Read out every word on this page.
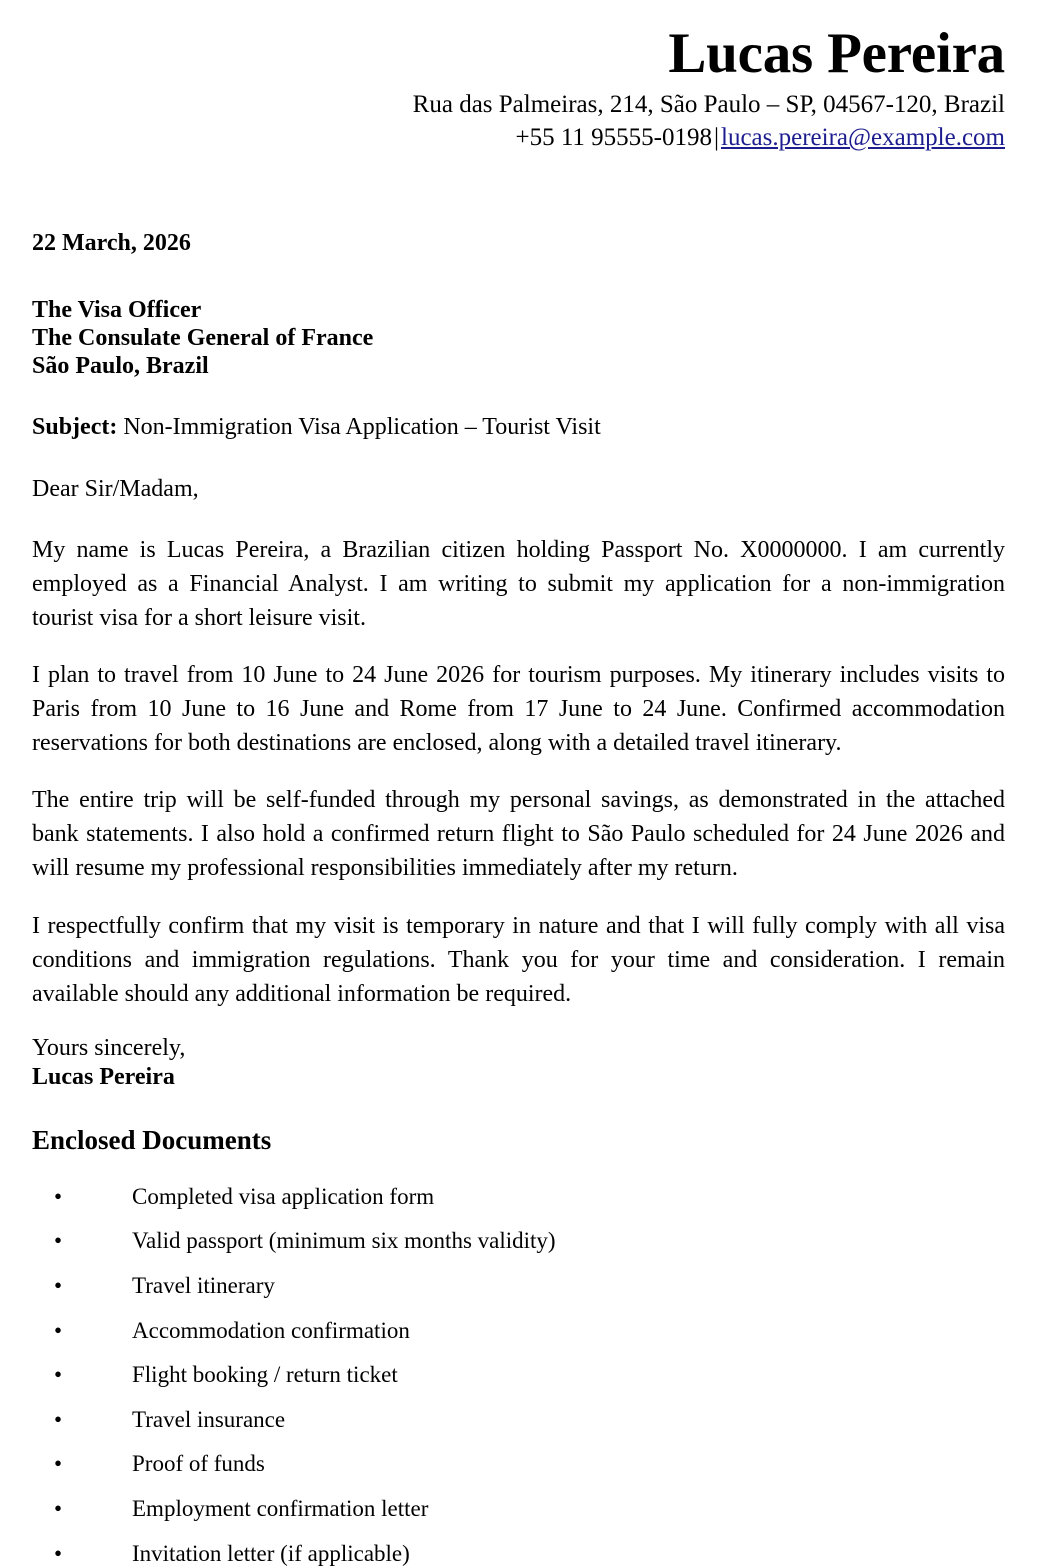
Lucas Pereira
Rua das Palmeiras, 214, São Paulo – SP, 04567-120, Brazil
+55 11 95555-0198|lucas.pereira@example.com
22 March, 2026
The Visa Officer
The Consulate General of France
São Paulo, Brazil
Subject: Non-Immigration Visa Application – Tourist Visit
Dear Sir/Madam,

My name is Lucas Pereira, a Brazilian citizen holding Passport No. X0000000. I am currently employed as a Financial Analyst. I am writing to submit my application for a non-immigration tourist visa for a short leisure visit.

I plan to travel from 10 June to 24 June 2026 for tourism purposes. My itinerary includes visits to Paris from 10 June to 16 June and Rome from 17 June to 24 June. Confirmed accommodation reservations for both destinations are enclosed, along with a detailed travel itinerary.

The entire trip will be self-funded through my personal savings, as demonstrated in the attached bank statements. I also hold a confirmed return flight to São Paulo scheduled for 24 June 2026 and will resume my professional responsibilities immediately after my return.

I respectfully confirm that my visit is temporary in nature and that I will fully comply with all visa conditions and immigration regulations. Thank you for your time and consideration. I remain available should any additional information be required.

Yours sincerely,
Lucas Pereira
Enclosed Documents
•	Completed visa application form
•	Valid passport (minimum six months validity)
•	Travel itinerary
•	Accommodation confirmation
•	Flight booking / return ticket
•	Travel insurance
•	Proof of funds
•	Employment confirmation letter
•	Invitation letter (if applicable)
